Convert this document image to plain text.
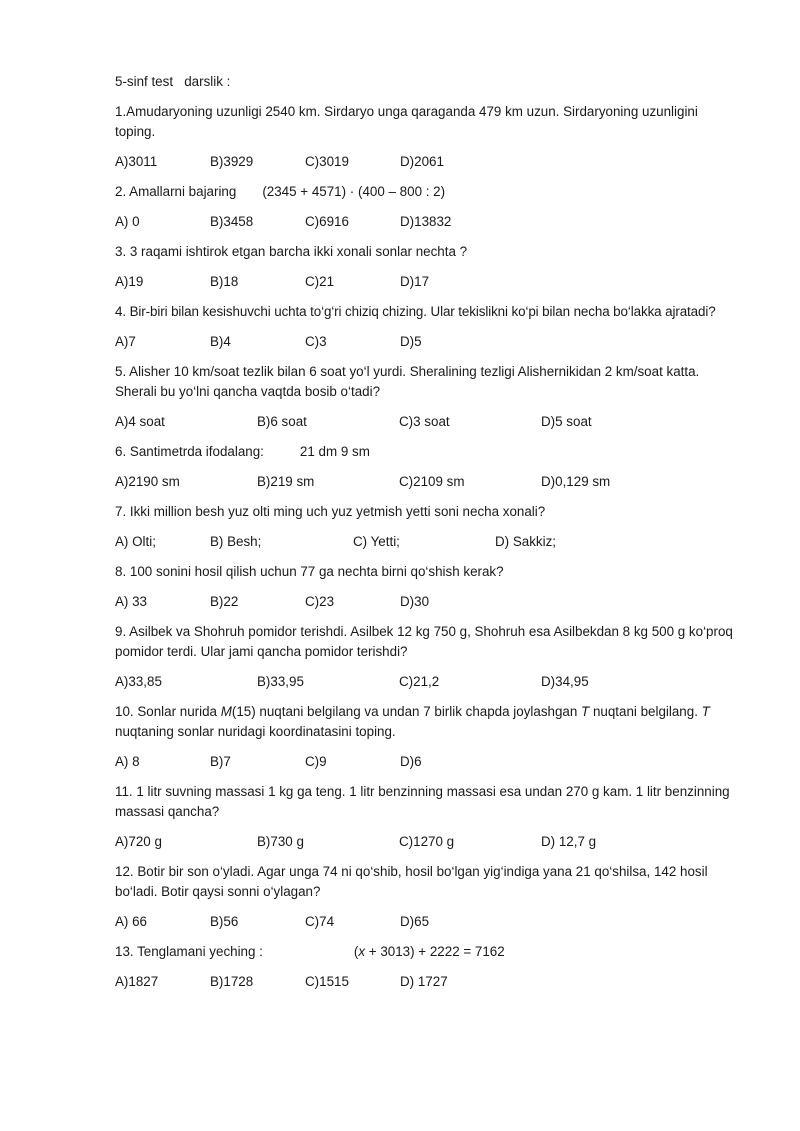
5-sinf test   darslik :
1.Amudaryoning uzunligi 2540 km. Sirdaryo unga qaraganda 479 km uzun. Sirdaryoning uzunligini toping.
A)3011	B)3929	C)3019	D)2061
2. Amallarni bajaring (2345 + 4571) · (400 – 800 : 2)
A) 0	B)3458	C)6916	D)13832
3. 3 raqami ishtirok etgan barcha ikki xonali sonlar nechta ?
A)19	B)18	C)21	D)17
4. Bir-biri bilan kesishuvchi uchta to‘g‘ri chiziq chizing. Ular tekislikni ko‘pi bilan necha bo‘lakka ajratadi?
A)7	B)4	C)3	D)5
5. Alisher 10 km/soat tezlik bilan 6 soat yo‘l yurdi. Sheralining tezligi Alishernikidan 2 km/soat katta. Sherali bu yo‘lni qancha vaqtda bosib o‘tadi?
A)4 soat	B)6 soat	C)3 soat	D)5 soat
6. Santimetrda ifodalang:	21 dm 9 sm
A)2190 sm	B)219 sm	C)2109 sm	D)0,129 sm
7. Ikki million besh yuz olti ming uch yuz yetmish yetti soni necha xonali?
A) Olti;	B) Besh;	C) Yetti;	D) Sakkiz;
8. 100 sonini hosil qilish uchun 77 ga nechta birni qo‘shish kerak?
A) 33	B)22	C)23	D)30
9. Asilbek va Shohruh pomidor terishdi. Asilbek 12 kg 750 g, Shohruh esa Asilbekdan 8 kg 500 g ko‘proq pomidor terdi. Ular jami qancha pomidor terishdi?
A)33,85	B)33,95	C)21,2	D)34,95
10. Sonlar nurida M(15) nuqtani belgilang va undan 7 birlik chapda joylashgan T nuqtani belgilang. T nuqtaning sonlar nuridagi koordinatasini toping.
A) 8	B)7	C)9	D)6
11. 1 litr suvning massasi 1 kg ga teng. 1 litr benzinning massasi esa undan 270 g kam. 1 litr benzinning massasi qancha?
A)720 g	B)730 g	C)1270 g	D) 12,7 g
12. Botir bir son o‘yladi. Agar unga 74 ni qo‘shib, hosil bo‘lgan yig‘indiga yana 21 qo‘shilsa, 142 hosil bo‘ladi. Botir qaysi sonni o‘ylagan?
A) 66	B)56	C)74	D)65
13. Tenglamani yeching :	(x + 3013) + 2222 = 7162
A)1827	B)1728	C)1515	D) 1727
